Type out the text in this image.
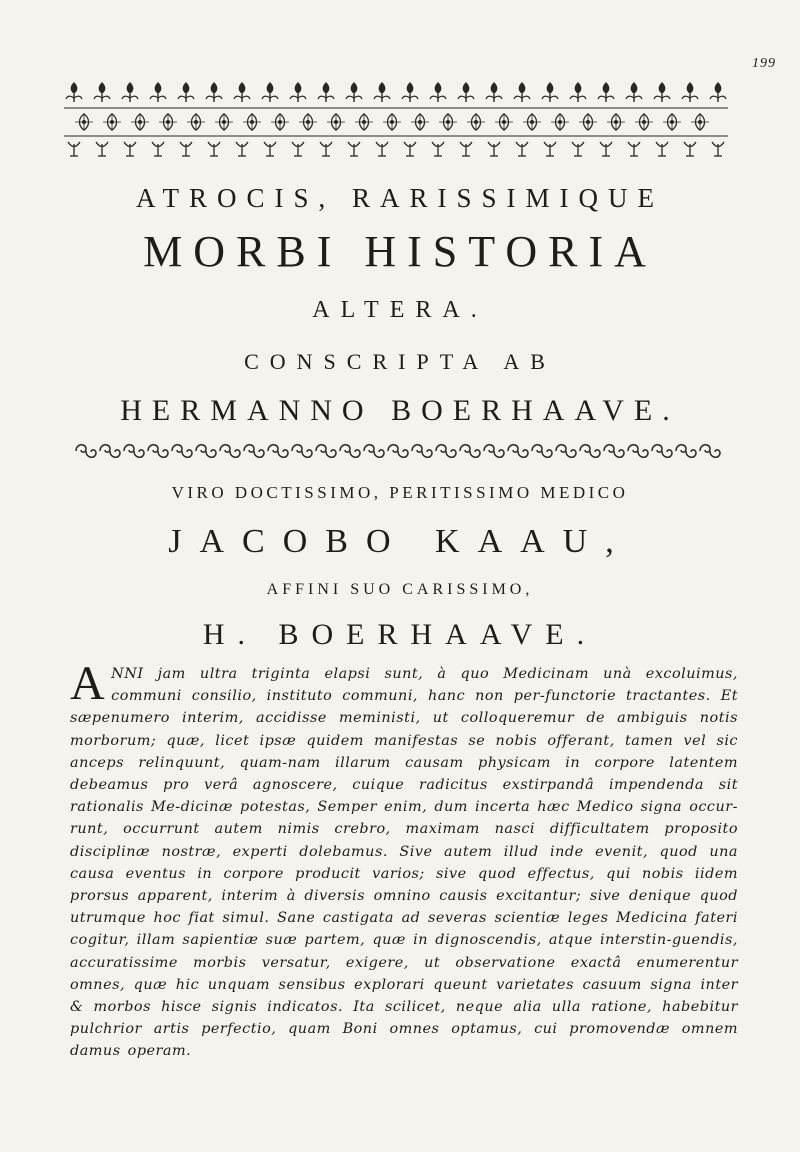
199
ATROCIS, RARISSIMIQUE
MORBI HISTORIA
ALTERA.
CONSCRIPTA AB
HERMANNO BOERHAAVE.
VIRO DOCTISSIMO, PERITISSIMO MEDICO
JACOBO KAAU,
AFFINI SUO CARISSIMO,
H. BOERHAAVE.
ANNI jam ultra triginta elapsi sunt, à quo Medicinam unà excoluimus, communi consilio, instituto communi, hanc non per-functorie tractantes. Et sæpenumero interim, accidisse meministi, ut colloqueremur de ambiguis notis morborum; quæ, licet ipsæ quidem manifestas se nobis offerant, tamen vel sic anceps relinquunt, quam-nam illarum causam physicam in corpore latentem debeamus pro verâ agnoscere, cuique radicitus exstirpandâ impendenda sit rationalis Me-dicinæ potestas, Semper enim, dum incerta hæc Medico signa occur-runt, occurrunt autem nimis crebro, maximam nasci difficultatem proposito disciplinæ nostræ, experti dolebamus. Sive autem illud inde evenit, quod una causa eventus in corpore producit varios; sive quod effectus, qui nobis iidem prorsus apparent, interim à diversis omnino causis excitantur; sive denique quod utrumque hoc fiat simul. Sane castigata ad severas scientiæ leges Medicina fateri cogitur, illam sapientiæ suæ partem, quæ in dignoscendis, atque interstin-guendis, accuratissime morbis versatur, exigere, ut observatione exactâ enumerentur omnes, quæ hic unquam sensibus explorari queunt varietates casuum signa inter & morbos hisce signis indicatos. Ita scilicet, neque alia ulla ratione, habebitur pulchrior artis perfectio, quam Boni omnes optamus, cui promovendæ omnem damus operam.
